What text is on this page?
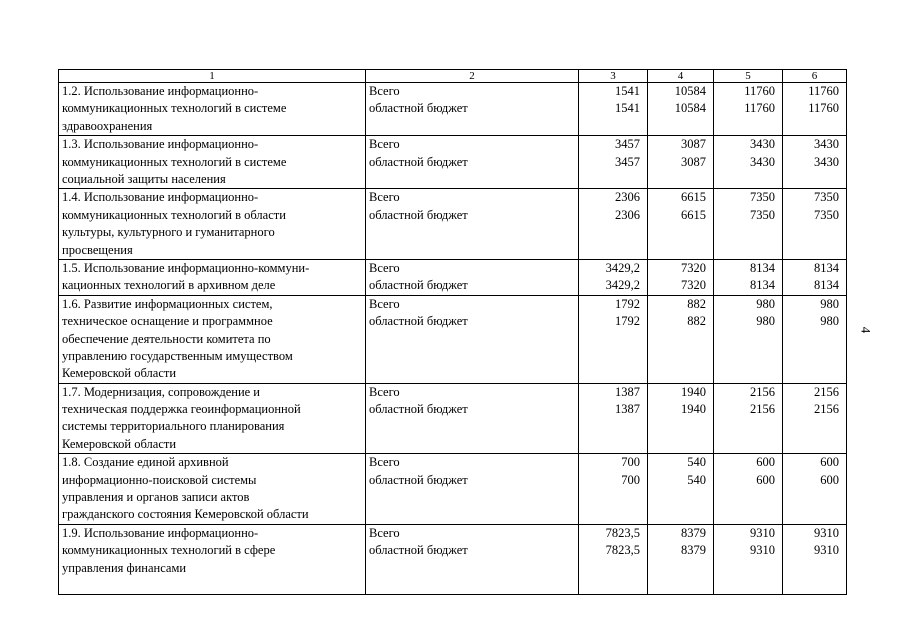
1	2	3	4	5	6

1.2. Использование информационно-
коммуникационных технологий в системе
здравоохранения	Всего	1541	10584	11760	11760
	областной бюджет	1541	10584	11760	11760

1.3. Использование информационно-
коммуникационных технологий в системе
социальной защиты населения	Всего	3457	3087	3430	3430
	областной бюджет	3457	3087	3430	3430

1.4. Использование информационно-
коммуникационных технологий в области
культуры, культурного и гуманитарного
просвещения	Всего	2306	6615	7350	7350
	областной бюджет	2306	6615	7350	7350

1.5. Использование информационно-коммуни-
кационных технологий в архивном деле	Всего	3429,2	7320	8134	8134
	областной бюджет	3429,2	7320	8134	8134

1.6. Развитие информационных систем,
техническое оснащение и программное
обеспечение деятельности комитета по
управлению государственным имуществом
Кемеровской области	Всего	1792	882	980	980
	областной бюджет	1792	882	980	980

1.7. Модернизация, сопровождение и
техническая поддержка геоинформационной
системы территориального планирования
Кемеровской области	Всего	1387	1940	2156	2156
	областной бюджет	1387	1940	2156	2156

1.8. Создание единой архивной
информационно-поисковой системы
управления и органов записи актов
гражданского состояния Кемеровской области	Всего	700	540	600	600
	областной бюджет	700	540	600	600

1.9. Использование информационно-
коммуникационных технологий в сфере
управления финансами	Всего	7823,5	8379	9310	9310
	областной бюджет	7823,5	8379	9310	9310
4
